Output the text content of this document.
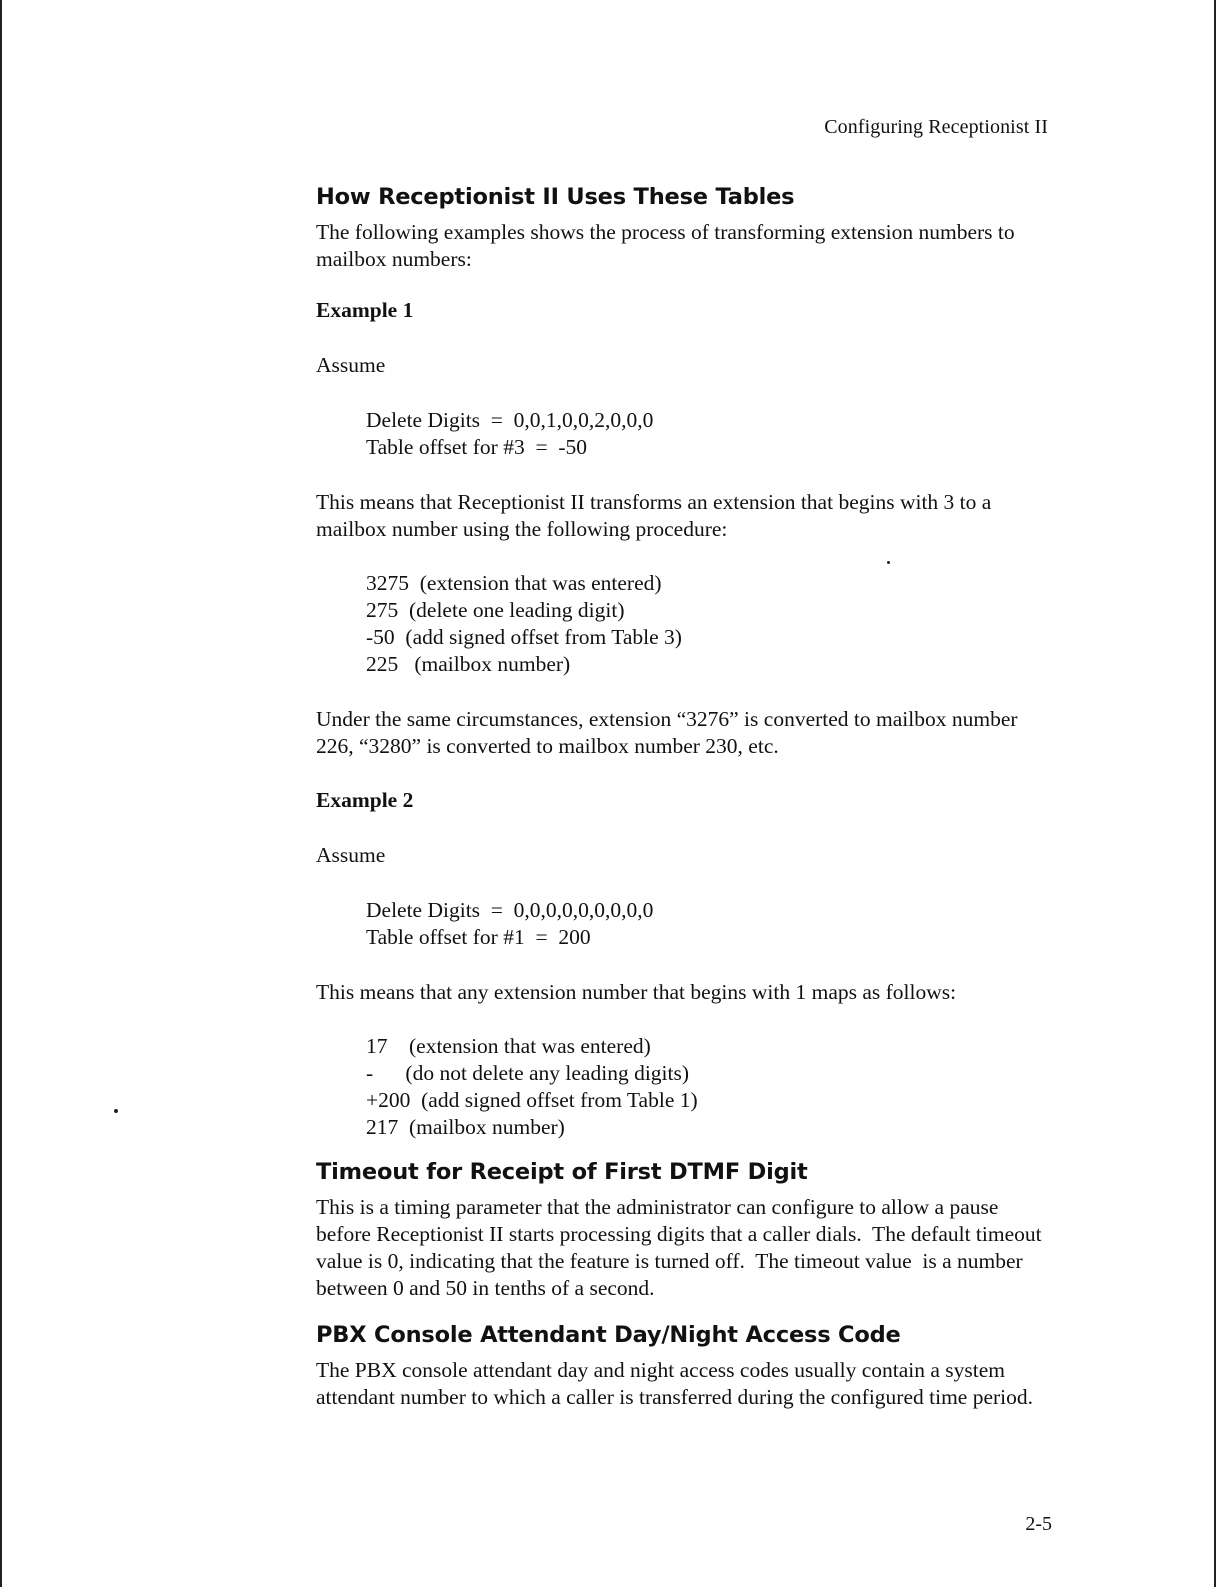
Configuring Receptionist II
How Receptionist II Uses These Tables

The following examples shows the process of transforming extension numbers to

mailbox numbers:

Example 1

Assume

Delete Digits  =  0,0,1,0,0,2,0,0,0

Table offset for #3  =  -50

This means that Receptionist II transforms an extension that begins with 3 to a

mailbox number using the following procedure:

3275  (extension that was entered)

275  (delete one leading digit)

-50  (add signed offset from Table 3)

225   (mailbox number)

Under the same circumstances, extension “3276” is converted to mailbox number

226, “3280” is converted to mailbox number 230, etc.

Example 2

Assume

Delete Digits  =  0,0,0,0,0,0,0,0,0

Table offset for #1  =  200

This means that any extension number that begins with 1 maps as follows:

17    (extension that was entered)

-      (do not delete any leading digits)

+200  (add signed offset from Table 1)

217  (mailbox number)

Timeout for Receipt of First DTMF Digit

This is a timing parameter that the administrator can configure to allow a pause

before Receptionist II starts processing digits that a caller dials.  The default timeout

value is 0, indicating that the feature is turned off.  The timeout value  is a number

between 0 and 50 in tenths of a second.

PBX Console Attendant Day/Night Access Code

The PBX console attendant day and night access codes usually contain a system

attendant number to which a caller is transferred during the configured time period.

2-5
